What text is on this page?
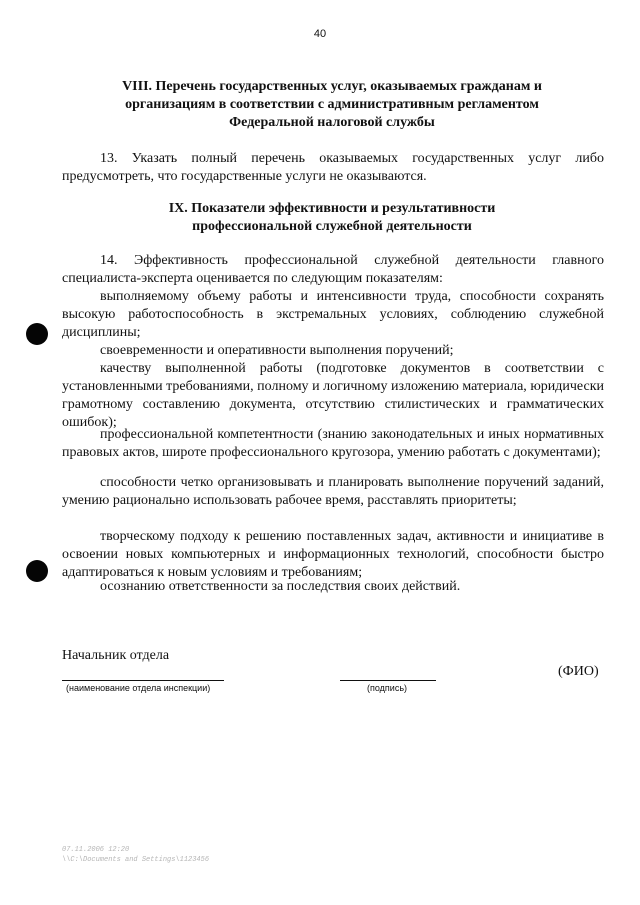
40
VIII. Перечень государственных услуг, оказываемых гражданам и
организациям в соответствии с административным регламентом
Федеральной налоговой службы
13. Указать полный перечень оказываемых государственных услуг либо предусмотреть, что государственные услуги не оказываются.
IX. Показатели эффективности и результативности
профессиональной служебной деятельности
14. Эффективность профессиональной служебной деятельности главного специалиста-эксперта оценивается по следующим показателям:
выполняемому объему работы и интенсивности труда, способности сохранять высокую работоспособность в экстремальных условиях, соблюдению служебной дисциплины;
своевременности и оперативности выполнения поручений;
качеству выполненной работы (подготовке документов в соответствии с установленными требованиями, полному и логичному изложению материала, юридически грамотному составлению документа, отсутствию стилистических и грамматических ошибок);
профессиональной компетентности (знанию законодательных и иных нормативных правовых актов, широте профессионального кругозора, умению работать с документами);
способности четко организовывать и планировать выполнение поручений заданий, умению рационально использовать рабочее время, расставлять приоритеты;
творческому подходу к решению поставленных задач, активности и инициативе в освоении новых компьютерных и информационных технологий, способности быстро адаптироваться к новым условиям и требованиям;
осознанию ответственности за последствия своих действий.
Начальник отдела
(наименование отдела инспекции)	(подпись)
(ФИО)
07.11.2006 12:20
\\C:\Documents and Settings\1123456
